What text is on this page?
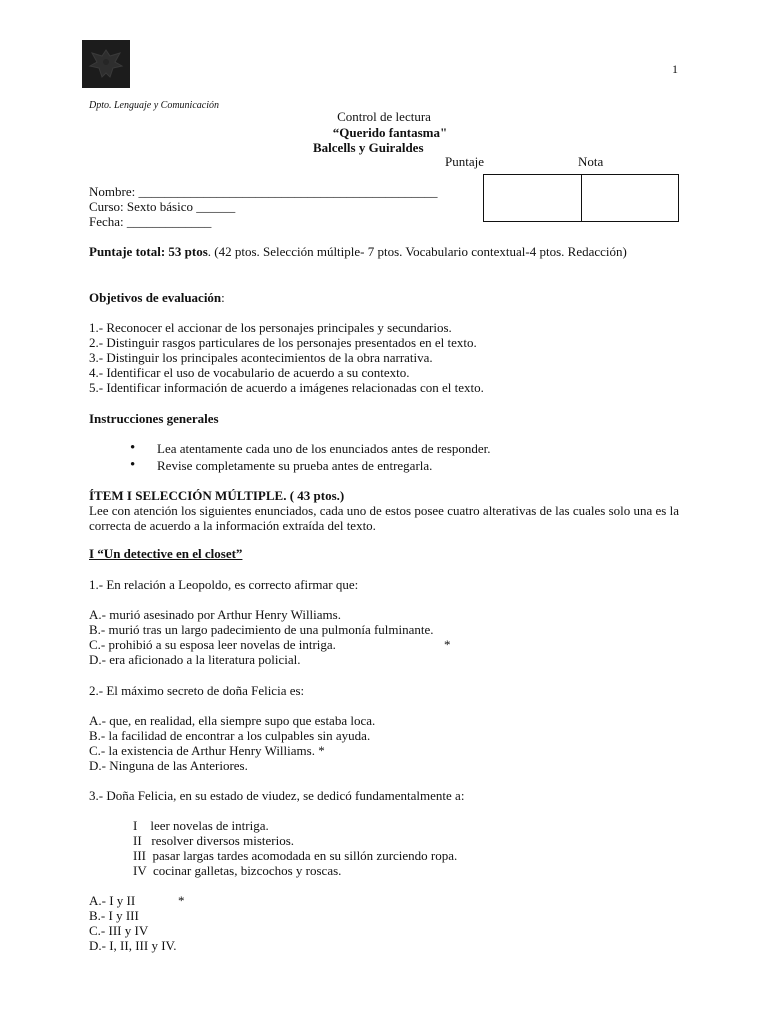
1
Dpto. Lenguaje y Comunicación
Control de lectura
“Querido fantasma"
Balcells y Guiraldes
Puntaje	Nota
Nombre: ______________________________________________
Curso: Sexto básico ______
Fecha: _____________
Puntaje total: 53 ptos. (42 ptos. Selección múltiple- 7 ptos. Vocabulario contextual-4 ptos. Redacción)
Objetivos de evaluación:
1.- Reconocer el accionar de los personajes principales y secundarios.
2.- Distinguir rasgos particulares de los personajes presentados en el texto.
3.- Distinguir los principales acontecimientos de la obra narrativa.
4.- Identificar el uso de vocabulario de acuerdo a su contexto.
5.- Identificar información de acuerdo a imágenes relacionadas con el texto.
Instrucciones generales
• Lea atentamente cada uno de los enunciados antes de responder.
• Revise completamente su prueba antes de entregarla.
ÍTEM I SELECCIÓN MÚLTIPLE. ( 43 ptos.)
Lee con atención los siguientes enunciados, cada uno de estos posee cuatro alterativas de las cuales solo una es la correcta de acuerdo a la información extraída del texto.
I “Un detective en el closet”
1.- En relación a Leopoldo, es correcto afirmar que:
A.- murió asesinado por Arthur Henry Williams.
B.- murió tras un largo padecimiento de una pulmonía fulminante.
C.- prohibió a su esposa leer novelas de intriga.
D.- era aficionado a la literatura policial.
*
2.- El máximo secreto de doña Felicia es:
A.- que, en realidad, ella siempre supo que estaba loca.
B.- la facilidad de encontrar a los culpables sin ayuda.
C.- la existencia de Arthur Henry Williams. *
D.- Ninguna de las Anteriores.
3.- Doña Felicia, en su estado de viudez, se dedicó fundamentalmente a:
I    leer novelas de intriga.
II   resolver diversos misterios.
III  pasar largas tardes acomodada en su sillón zurciendo ropa.
IV  cocinar galletas, bizcochos y roscas.
A.- I y II
B.- I y III
C.- III y IV
D.- I, II, III y IV.
*
